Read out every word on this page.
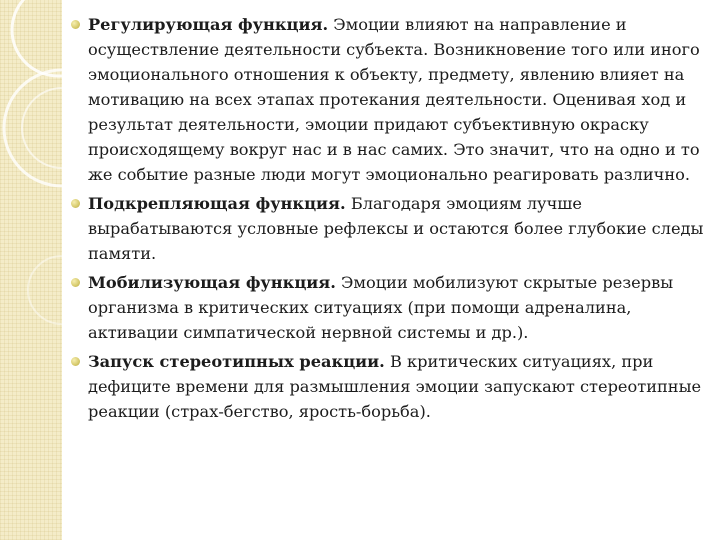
Регулирующая функция. Эмоции влияют на направление и осуществление деятельности субъекта. Возникновение того или иного эмоционального отношения к объекту, предмету, явлению влияет на мотивацию на всех этапах протекания деятельности. Оценивая ход и результат деятельности, эмоции придают субъективную окраску происходящему вокруг нас и в нас самих. Это значит, что на одно и то же событие разные люди могут эмоционально реагировать различно.
Подкрепляющая функция. Благодаря эмоциям лучше вырабатываются условные рефлексы и остаются более глубокие следы памяти.
Мобилизующая функция. Эмоции мобилизуют скрытые резервы организма в критических ситуациях (при помощи адреналина, активации симпатической нервной системы и др.).
Запуск стереотипных реакции. В критических ситуациях, при дефиците времени для размышления эмоции запускают стереотипные реакции (страх-бегство, ярость-борьба).
